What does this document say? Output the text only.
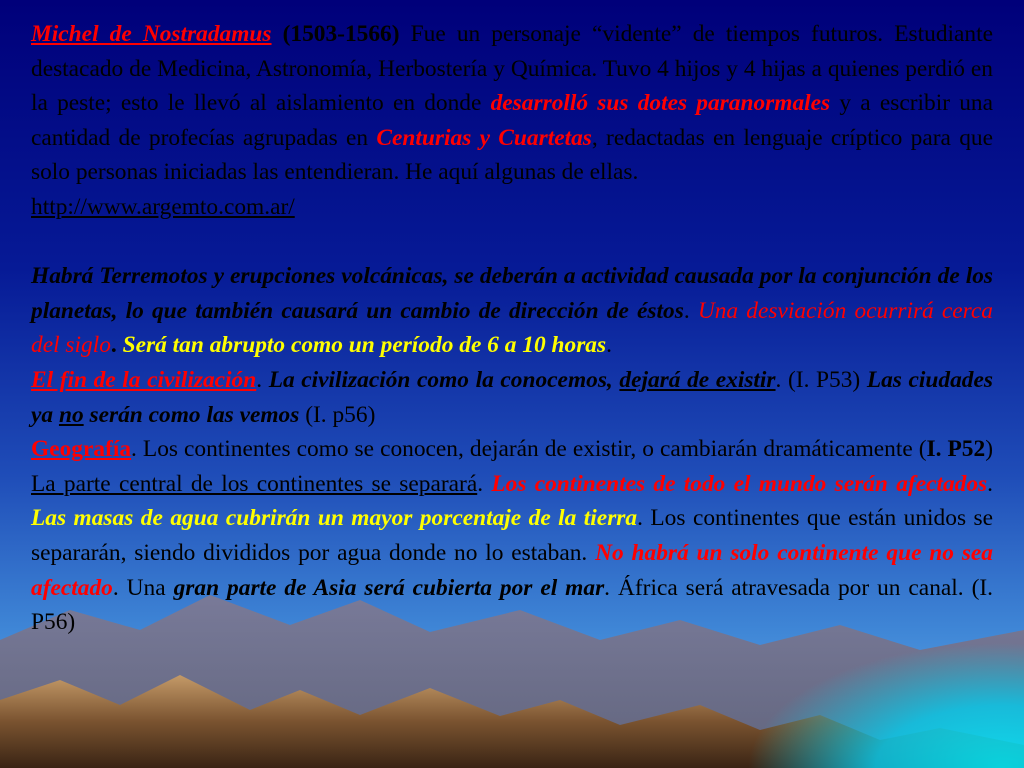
Michel de Nostradamus (1503-1566) Fue un personaje “vidente” de tiempos futuros. Estudiante destacado de Medicina, Astronomía, Herbostería y Química. Tuvo 4 hijos y 4 hijas a quienes perdió en la peste; esto le llevó al aislamiento en donde desarrolló sus dotes paranormales y a escribir una cantidad de profecías agrupadas en Centurias y Cuartetas, redactadas en lenguaje críptico para que solo personas iniciadas las entendieran. He aquí algunas de ellas.

http://www.argemto.com.ar/

Habrá Terremotos y erupciones volcánicas, se deberán a actividad causada por la conjunción de los planetas, lo que también causará un cambio de dirección de éstos. Una desviación ocurrirá cerca del siglo. Será tan abrupto como un período de 6 a 10 horas.

El fin de la civilización. La civilización como la conocemos, dejará de existir. (I. P53) Las ciudades ya no serán como las vemos (I. p56)

Geografía. Los continentes como se conocen, dejarán de existir, o cambiarán dramáticamente (I. P52) La parte central de los continentes se separará. Los continentes de todo el mundo serán afectados. Las masas de agua cubrirán un mayor porcentaje de la tierra. Los continentes que están unidos se separarán, siendo divididos por agua donde no lo estaban. No habrá un solo continente que no sea afectado. Una gran parte de Asia será cubierta por el mar. África será atravesada por un canal. (I. P56)
